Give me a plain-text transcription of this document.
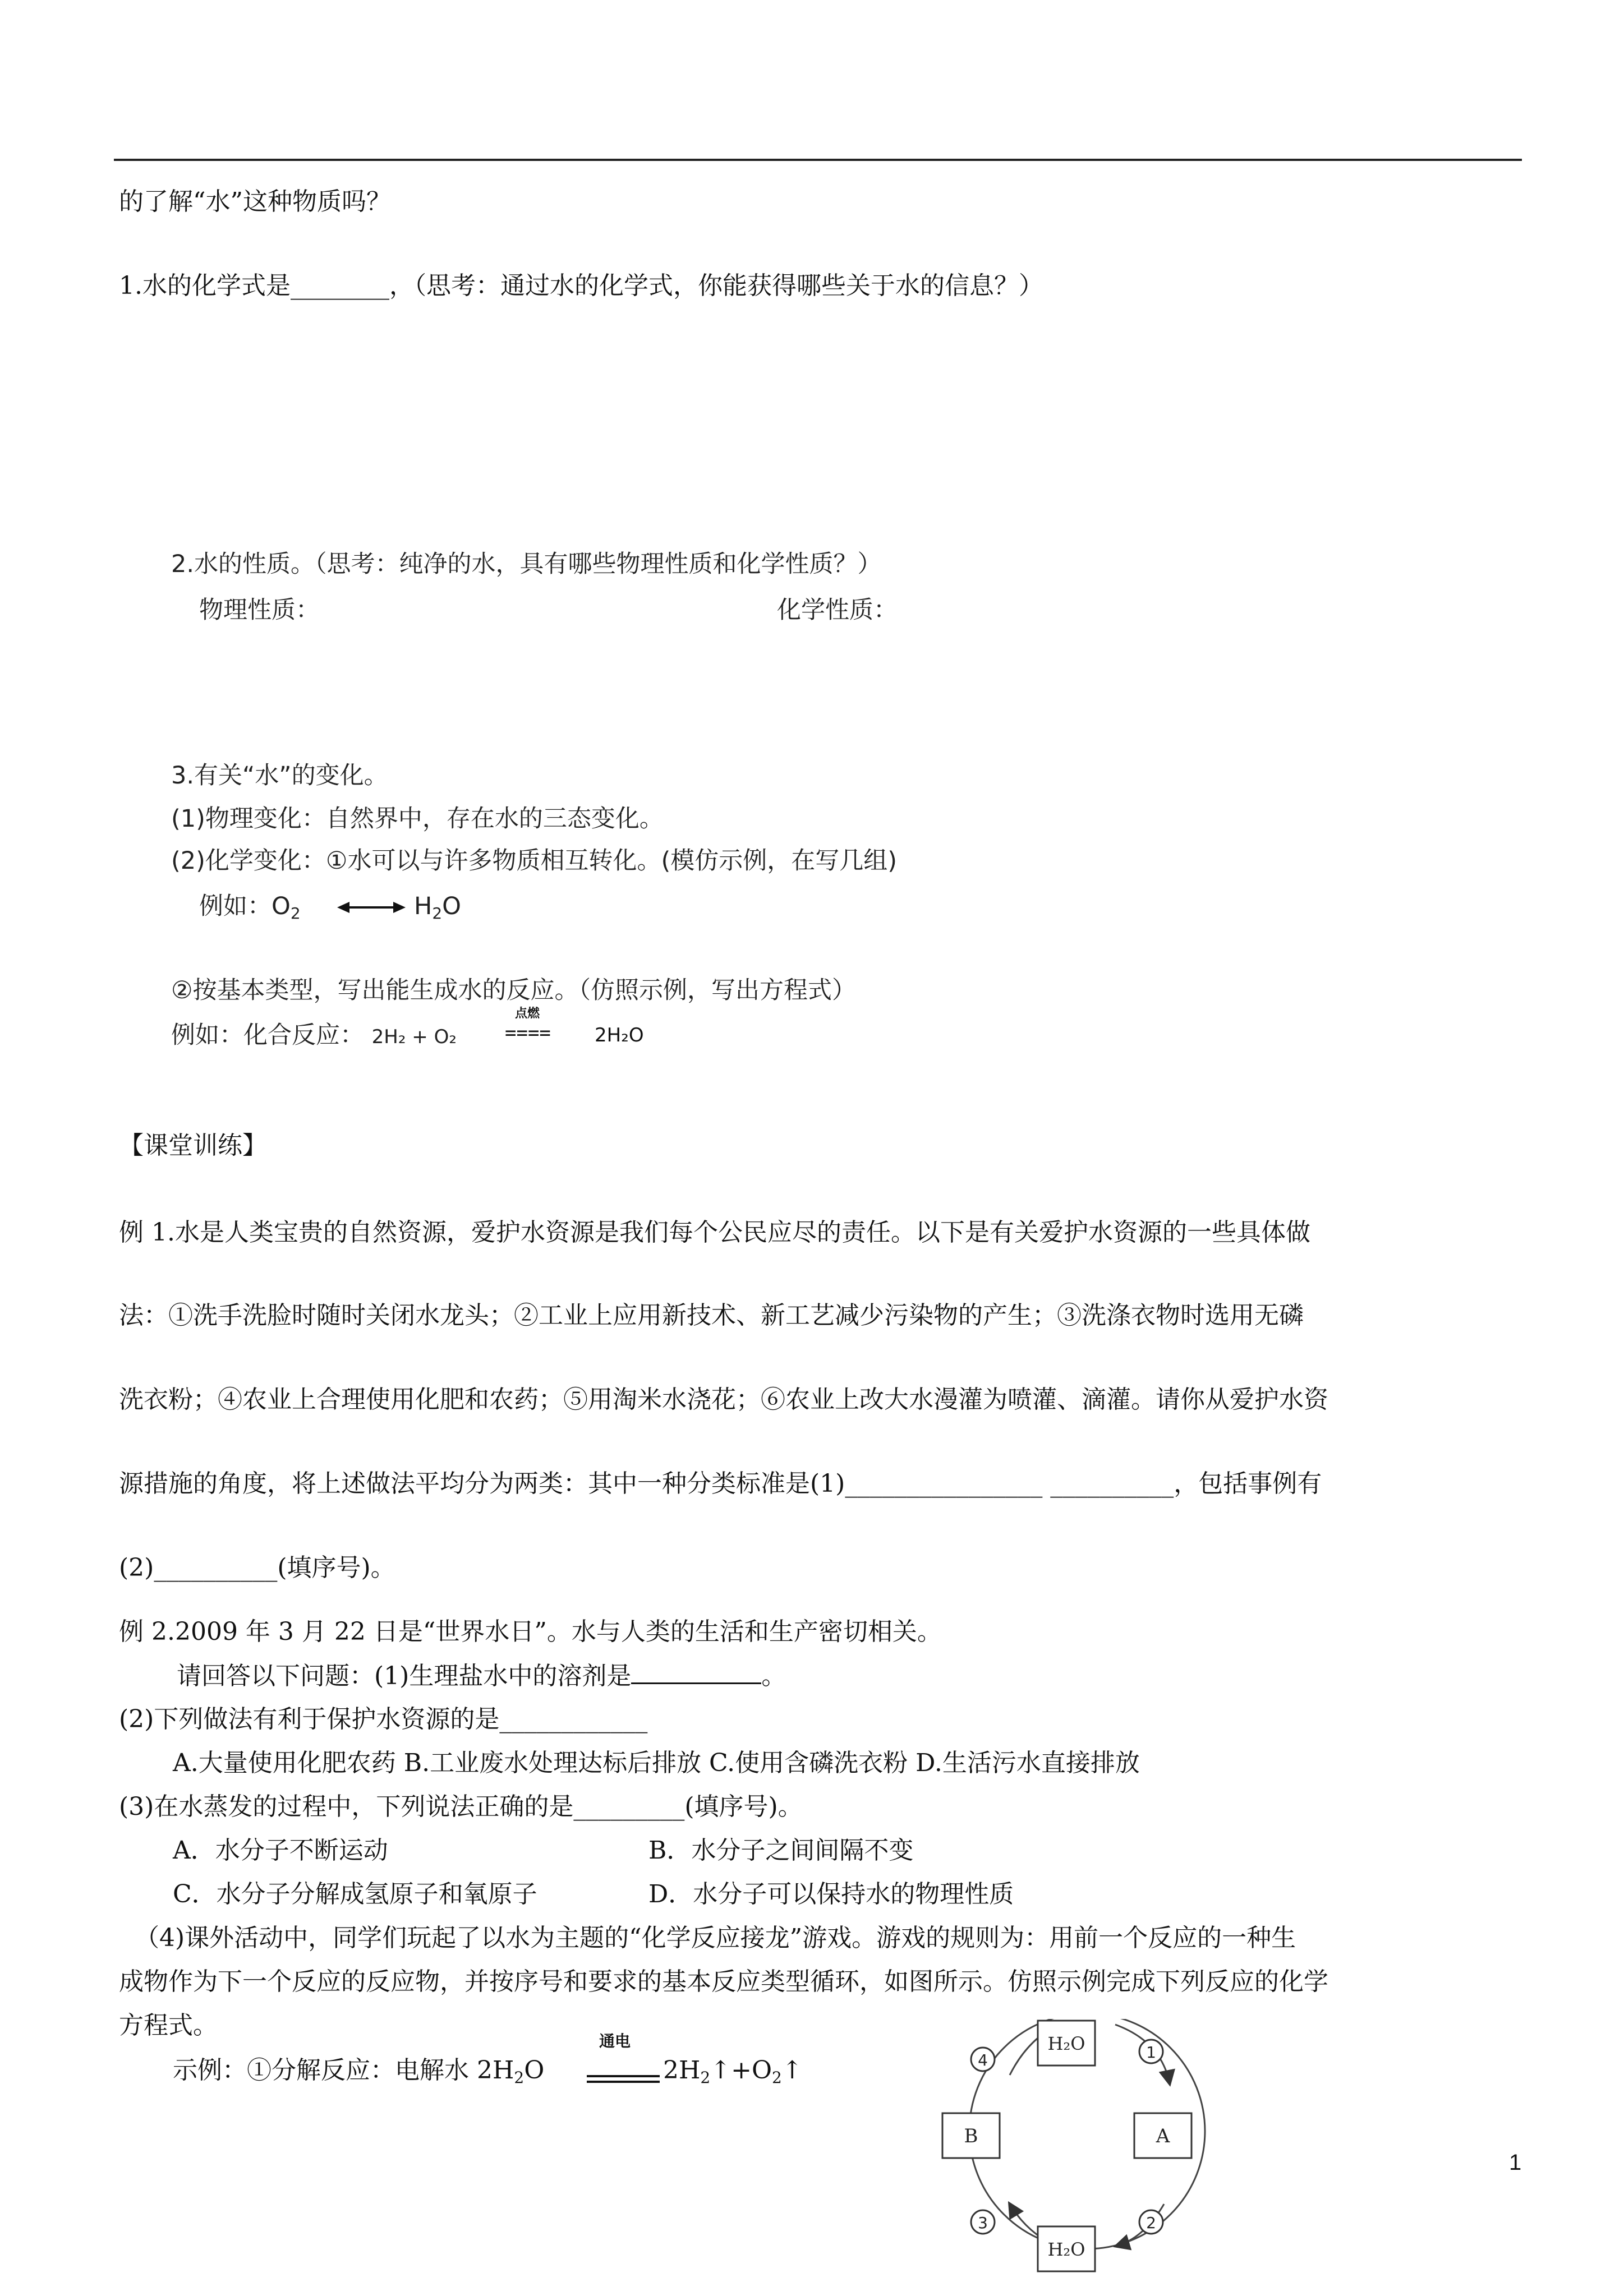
的了解“水”这种物质吗？
1.水的化学式是________，（思考：通过水的化学式，你能获得哪些关于水的信息？）
2.水的性质。（思考：纯净的水，具有哪些物理性质和化学性质？）
物理性质：	化学性质：
3.有关“水”的变化。
(1)物理变化：自然界中，存在水的三态变化。
(2)化学变化：①水可以与许多物质相互转化。(模仿示例，在写几组)
例如：$O_2$	$H_2O$
②按基本类型，写出能生成水的反应。（仿照示例，写出方程式）
例如：化合反应： 2H₂ + O₂
点燃
==== 2H₂O
【课堂训练】
例 1.水是人类宝贵的自然资源，爱护水资源是我们每个公民应尽的责任。以下是有关爱护水资源的一些具体做
法：①洗手洗脸时随时关闭水龙头；②工业上应用新技术、新工艺减少污染物的产生；③洗涤衣物时选用无磷
洗衣粉；④农业上合理使用化肥和农药；⑤用淘米水浇花；⑥农业上改大水漫灌为喷灌、滴灌。请你从爱护水资
源措施的角度，将上述做法平均分为两类：其中一种分类标准是(1)________________ __________，包括事例有
(2)__________(填序号)。
例 2.2009 年 3 月 22 日是“世界水日”。水与人类的生活和生产密切相关。
请回答以下问题：(1)生理盐水中的溶剂是	。
(2)下列做法有利于保护水资源的是____________
A.大量使用化肥农药 B.工业废水处理达标后排放 C.使用含磷洗衣粉 D.生活污水直接排放
(3)在水蒸发的过程中，下列说法正确的是_________(填序号)。
A．水分子不断运动	B．水分子之间间隔不变
C．水分子分解成氢原子和氧原子	D．水分子可以保持水的物理性质
（4)课外活动中，同学们玩起了以水为主题的“化学反应接龙”游戏。游戏的规则为：用前一个反应的一种生
成物作为下一个反应的反应物，并按序号和要求的基本反应类型循环，如图所示。仿照示例完成下列反应的化学
方程式。
示例：①分解反应：电解水 $2H_2O$
通电
$2H_2↑+O_2↑$
H₂O
H₂O
B	A
1
2
3
4
1
